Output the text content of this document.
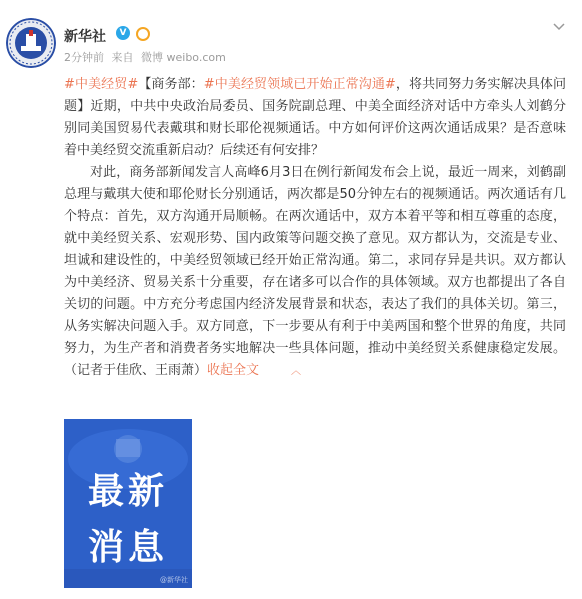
新华社	V
2分钟前 来自 微博 weibo.com

#中美经贸#【商务部：#中美经贸领域已开始正常沟通#，将共同努力务实解决具体问题】近期，中共中央政治局委员、国务院副总理、中美全面经济对话中方牵头人刘鹤分别同美国贸易代表戴琪和财长耶伦视频通话。中方如何评价这两次通话成果？是否意味着中美经贸交流重新启动？后续还有何安排？

对此，商务部新闻发言人高峰6月3日在例行新闻发布会上说，最近一周来，刘鹤副总理与戴琪大使和耶伦财长分别通话，两次都是50分钟左右的视频通话。两次通话有几个特点：首先，双方沟通开局顺畅。在两次通话中，双方本着平等和相互尊重的态度，就中美经贸关系、宏观形势、国内政策等问题交换了意见。双方都认为，交流是专业、坦诚和建设性的，中美经贸领域已经开始正常沟通。第二，求同存异是共识。双方都认为中美经济、贸易关系十分重要，存在诸多可以合作的具体领域。双方也都提出了各自关切的问题。中方充分考虑国内经济发展背景和状态，表达了我们的具体关切。第三，从务实解决问题入手。双方同意，下一步要从有利于中美两国和整个世界的角度，共同努力，为生产者和消费者务实地解决一些具体问题，推动中美经贸关系健康稳定发展。（记者于佳欣、王雨萧）收起全文	︿

最新
消息
@新华社
